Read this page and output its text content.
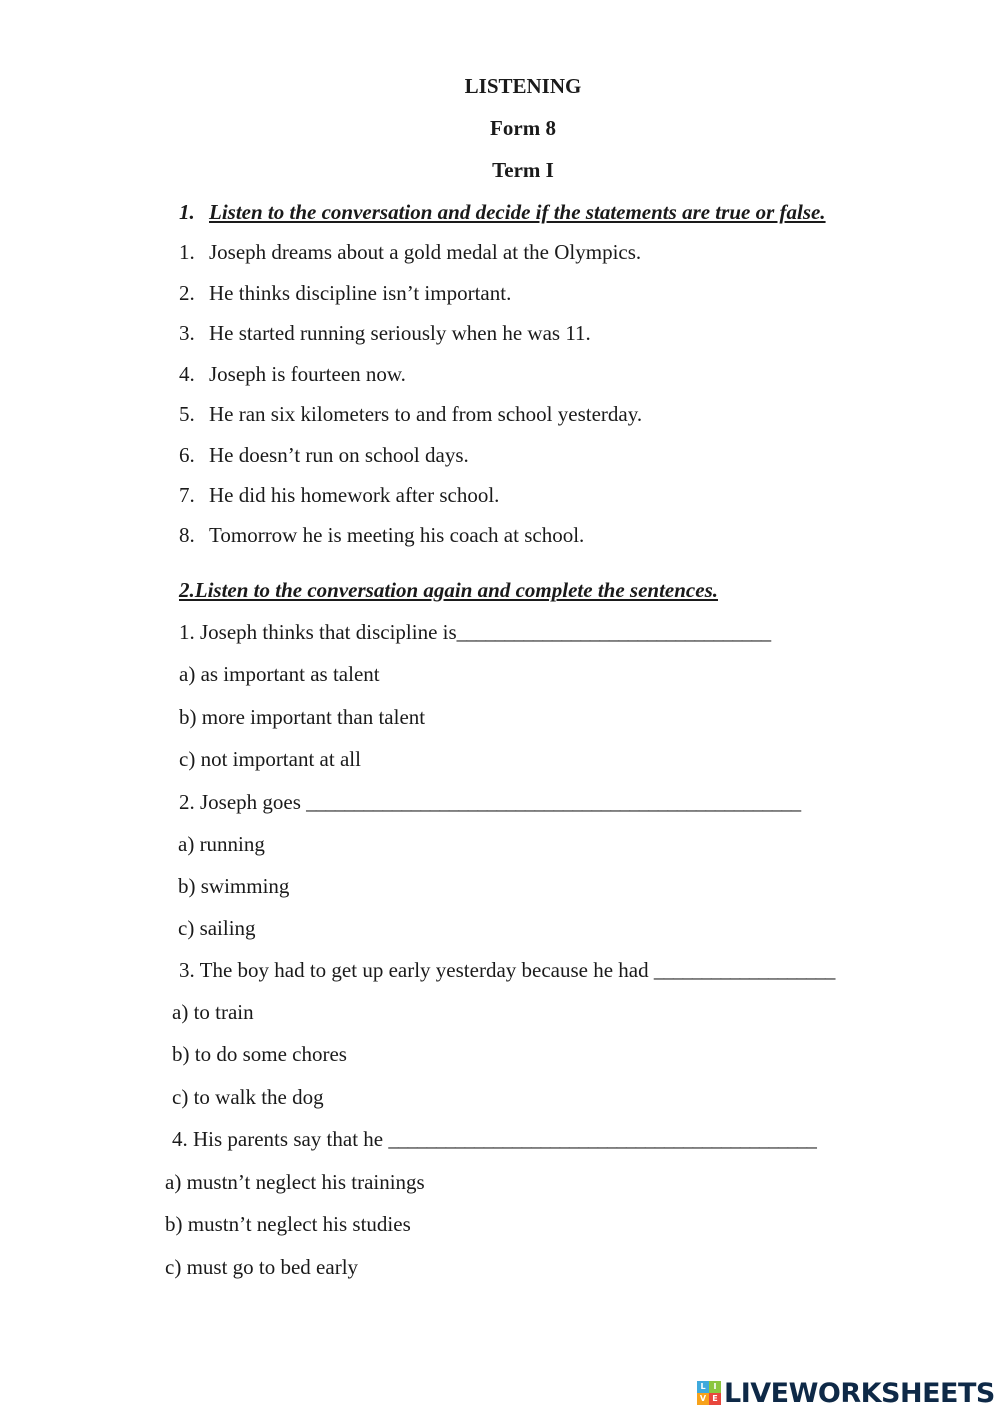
LISTENING
Form 8
Term I
1. Listen to the conversation and decide if the statements are true or false.
1. Joseph dreams about a gold medal at the Olympics.
2. He thinks discipline isn’t important.
3. He started running seriously when he was 11.
4. Joseph is fourteen now.
5. He ran six kilometers to and from school yesterday.
6. He doesn’t run on school days.
7. He did his homework after school.
8. Tomorrow he is meeting his coach at school.
2.Listen to the conversation again and complete the sentences.
1. Joseph thinks that discipline is_________________________________
a) as important as talent
b) more important than talent
c) not important at all
2. Joseph goes ____________________________________________________
a) running
b) swimming
c) sailing
3. The boy had to get up early yesterday because he had ___________________
a) to train
b) to do some chores
c) to walk the dog
4. His parents say that he _____________________________________________
a) mustn’t neglect his trainings
b) mustn’t neglect his studies
c) must go to bed early
L I
V E LIVEWORKSHEETS
